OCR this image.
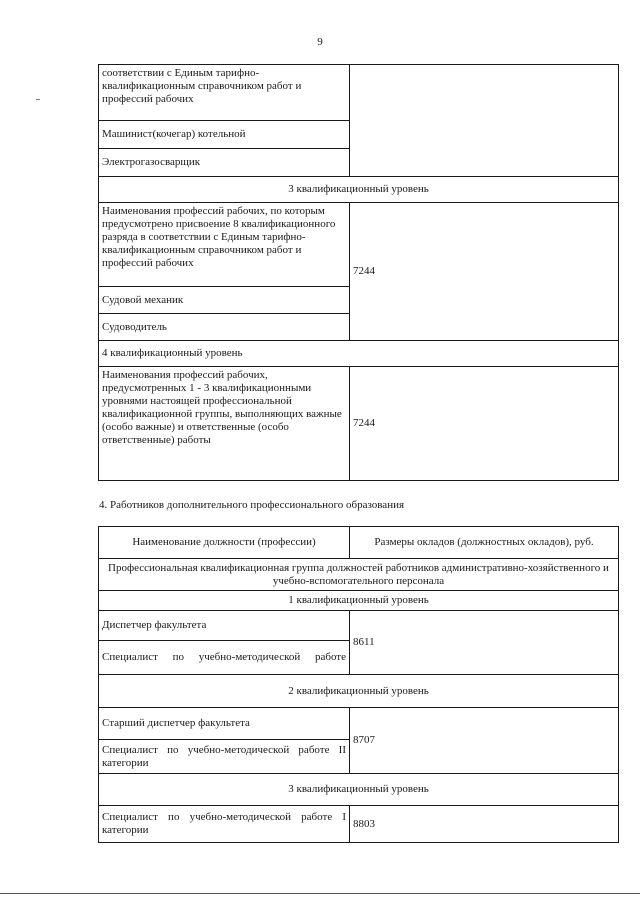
9
соответствии с Единым тарифно-квалификационным справочником работ и профессий рабочих	
Машинист(кочегар) котельной	
Электрогазосварщик	
3 квалификационный уровень	
Наименования профессий рабочих, по которым предусмотрено присвоение 8 квалификационного разряда в соответствии с Единым тарифно-квалификационным справочником работ и профессий рабочих	7244
Судовой механик	
Судоводитель	
4 квалификационный уровень	
Наименования профессий рабочих, предусмотренных 1 - 3 квалификационными уровнями настоящей профессиональной квалификационной группы, выполняющих важные (особо важные) и ответственные (особо ответственные) работы	7244
4. Работников дополнительного профессионального образования
Наименование должности (профессии)	Размеры окладов (должностных окладов), руб.
Профессиональная квалификационная группа должностей работников административно-хозяйственного и учебно-вспомогательного персонала	
1 квалификационный уровень	
Диспетчер факультета	8611
Специалист по учебно-методической работе	
2 квалификационный уровень	
Старший диспетчер факультета	8707
Специалист по учебно-методической работе II категории	
3 квалификационный уровень	
Специалист по учебно-методической работе I категории	8803
